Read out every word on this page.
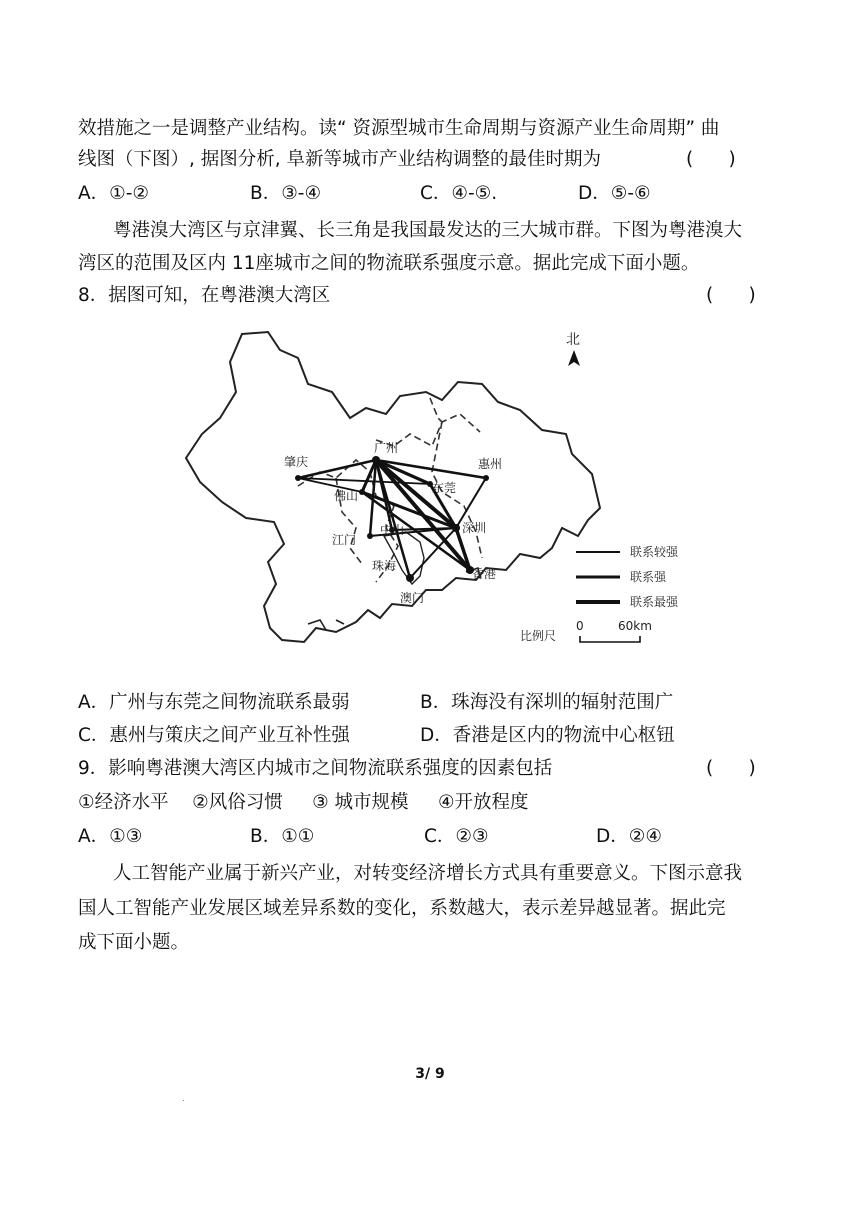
效措施之一是调整产业结构。读“ 资源型城市生命周期与资源产业生命周期” 曲
线图（下图）, 据图分析, 阜新等城市产业结构调整的最佳时期为	(      )
A．①-②	B．③-④	C．④-⑤.	D．⑤-⑥
粤港溴大湾区与京津翼、长三角是我国最发达的三大城市群。下图为粤港溴大
湾区的范围及区内 11座城市之间的物流联系强度示意。据此完成下面小题。
8．据图可知，在粤港澳大湾区	(      )
肇庆
广州
惠州
佛山
东莞
江门
中山	深圳
珠海
澳门
香港
北
联系较强
联系强
联系最强
比例尺
0	60km
A．广州与东莞之间物流联系最弱	B．珠海没有深圳的辐射范围广
C．惠州与策庆之间产业互补性强	D．香港是区内的物流中心枢钮
9．影响粤港澳大湾区内城市之间物流联系强度的因素包括	(      )
①经济水平    ②风俗习惯     ③ 城市规模     ④开放程度
A．①③	B．①①	C．②③	D．②④
人工智能产业属于新兴产业，对转变经济增长方式具有重要意义。下图示意我
国人工智能产业发展区域差异系数的变化，系数越大，表示差异越显著。据此完
成下面小题。
3/ 9
.
